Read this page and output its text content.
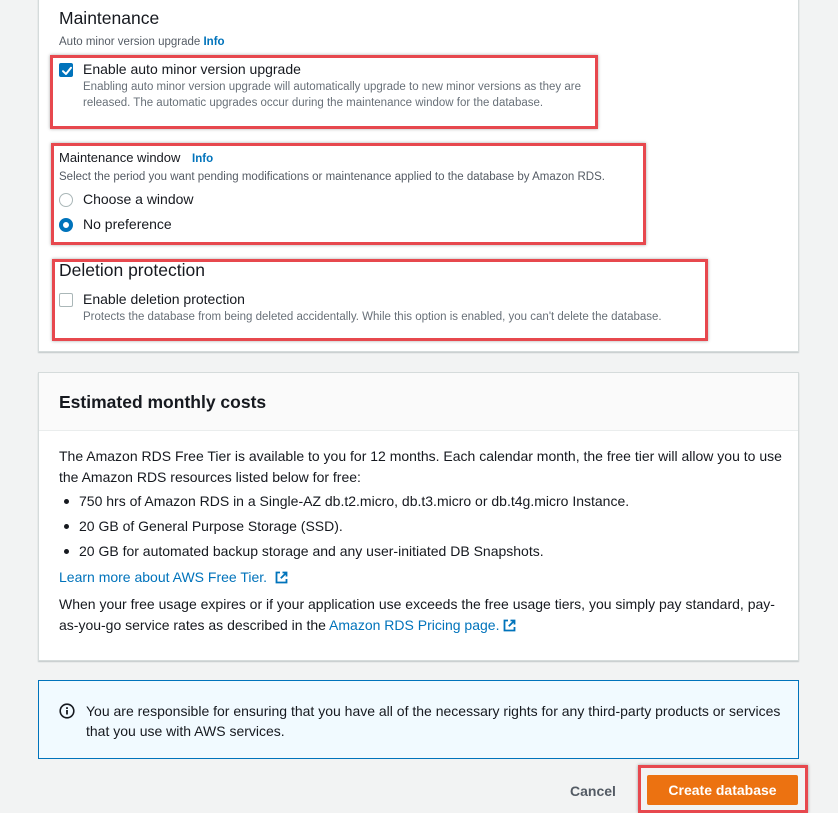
Maintenance
Auto minor version upgrade Info
Enable auto minor version upgrade
Enabling auto minor version upgrade will automatically upgrade to new minor versions as they are released. The automatic upgrades occur during the maintenance window for the database.
Maintenance window Info
Select the period you want pending modifications or maintenance applied to the database by Amazon RDS.
Choose a window
No preference
Deletion protection
Enable deletion protection
Protects the database from being deleted accidentally. While this option is enabled, you can't delete the database.
Estimated monthly costs
The Amazon RDS Free Tier is available to you for 12 months. Each calendar month, the free tier will allow you to use the Amazon RDS resources listed below for free:
750 hrs of Amazon RDS in a Single-AZ db.t2.micro, db.t3.micro or db.t4g.micro Instance.
20 GB of General Purpose Storage (SSD).
20 GB for automated backup storage and any user-initiated DB Snapshots.
Learn more about AWS Free Tier.
When your free usage expires or if your application use exceeds the free usage tiers, you simply pay standard, pay-as-you-go service rates as described in the Amazon RDS Pricing page.
You are responsible for ensuring that you have all of the necessary rights for any third-party products or services that you use with AWS services.
Cancel	Create database
